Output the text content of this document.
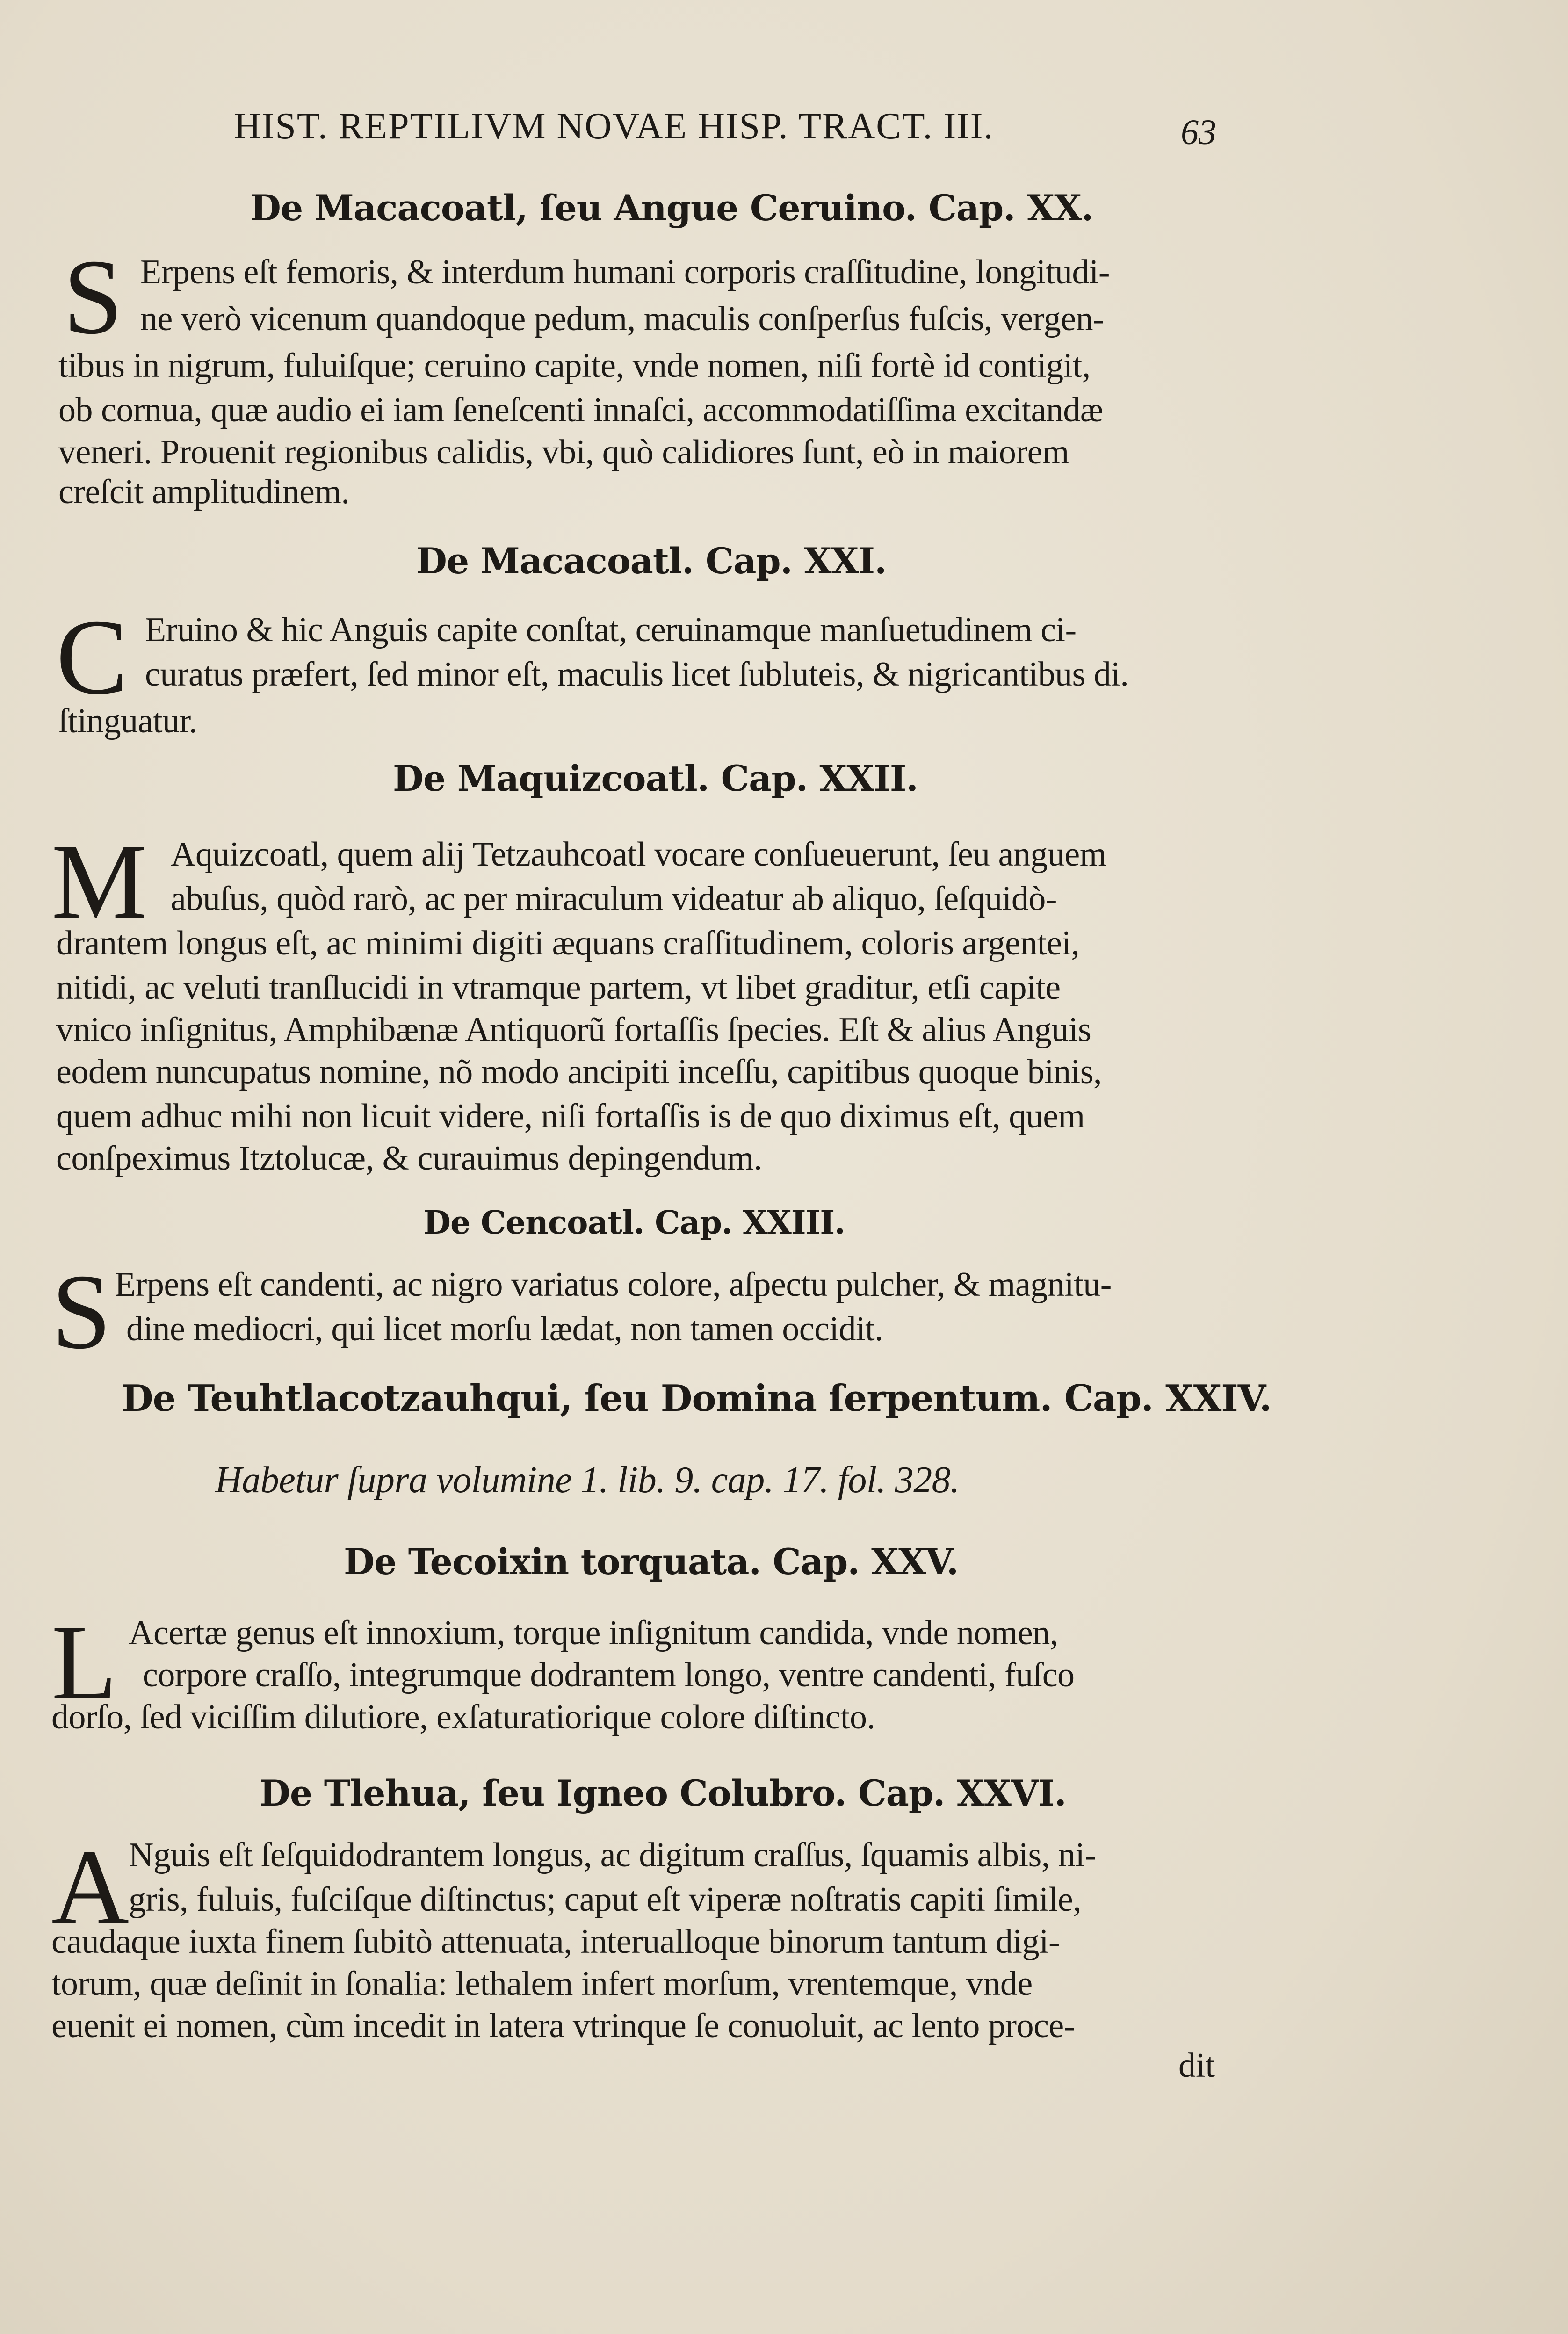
HIST. REPTILIVM NOVAE HISP. TRACT. III.	63
De Macacoatl, ſeu Angue Ceruino. Cap. XX.
S Erpens eſt femoris, & interdum humani corporis craſſitudine, longitudi-
ne verò vicenum quandoque pedum, maculis conſperſus fuſcis, vergen-
tibus in nigrum, fuluiſque; ceruino capite, vnde nomen, niſi fortè id contigit,
ob cornua, quæ audio ei iam ſeneſcenti innaſci, accommodatiſſima excitandæ
veneri. Prouenit regionibus calidis, vbi, quò calidiores ſunt, eò in maiorem
creſcit amplitudinem.
De Macacoatl. Cap. XXI.
C Eruino & hic Anguis capite conſtat, ceruinamque manſuetudinem ci-
curatus præfert, ſed minor eſt, maculis licet ſubluteis, & nigricantibus di.
ſtinguatur.
De Maquizcoatl. Cap. XXII.
M Aquizcoatl, quem alij Tetzauhcoatl vocare conſueuerunt, ſeu anguem
abuſus, quòd rarò, ac per miraculum videatur ab aliquo, ſeſquidò-
drantem longus eſt, ac minimi digiti æquans craſſitudinem, coloris argentei,
nitidi, ac veluti tranſlucidi in vtramque partem, vt libet graditur, etſi capite
vnico inſignitus, Amphibænæ Antiquorũ fortaſſis ſpecies. Eſt & alius Anguis
eodem nuncupatus nomine, nõ modo ancipiti inceſſu, capitibus quoque binis,
quem adhuc mihi non licuit videre, niſi fortaſſis is de quo diximus eſt, quem
conſpeximus Itztolucæ, & curauimus depingendum.
De Cencoatl. Cap. XXIII.
S Erpens eſt candenti, ac nigro variatus colore, aſpectu pulcher, & magnitu-
dine mediocri, qui licet morſu lædat, non tamen occidit.
De Teuhtlacotzauhqui, ſeu Domina ſerpentum. Cap. XXIV.
Habetur ſupra volumine 1. lib. 9. cap. 17. fol. 328.
De Tecoixin torquata. Cap. XXV.
L Acertæ genus eſt innoxium, torque inſignitum candida, vnde nomen,
corpore craſſo, integrumque dodrantem longo, ventre candenti, fuſco
dorſo, ſed viciſſim dilutiore, exſaturatiorique colore diſtincto.
De Tlehua, ſeu Igneo Colubro. Cap. XXVI.
A
Nguis eſt ſeſquidodrantem longus, ac digitum craſſus, ſquamis albis, ni-
gris, fuluis, fuſciſque diſtinctus; caput eſt viperæ noſtratis capiti ſimile,
caudaque iuxta finem ſubitò attenuata, interualloque binorum tantum digi-
torum, quæ deſinit in ſonalia: lethalem infert morſum, vrentemque, vnde
euenit ei nomen, cùm incedit in latera vtrinque ſe conuoluit, ac lento proce-
dit
